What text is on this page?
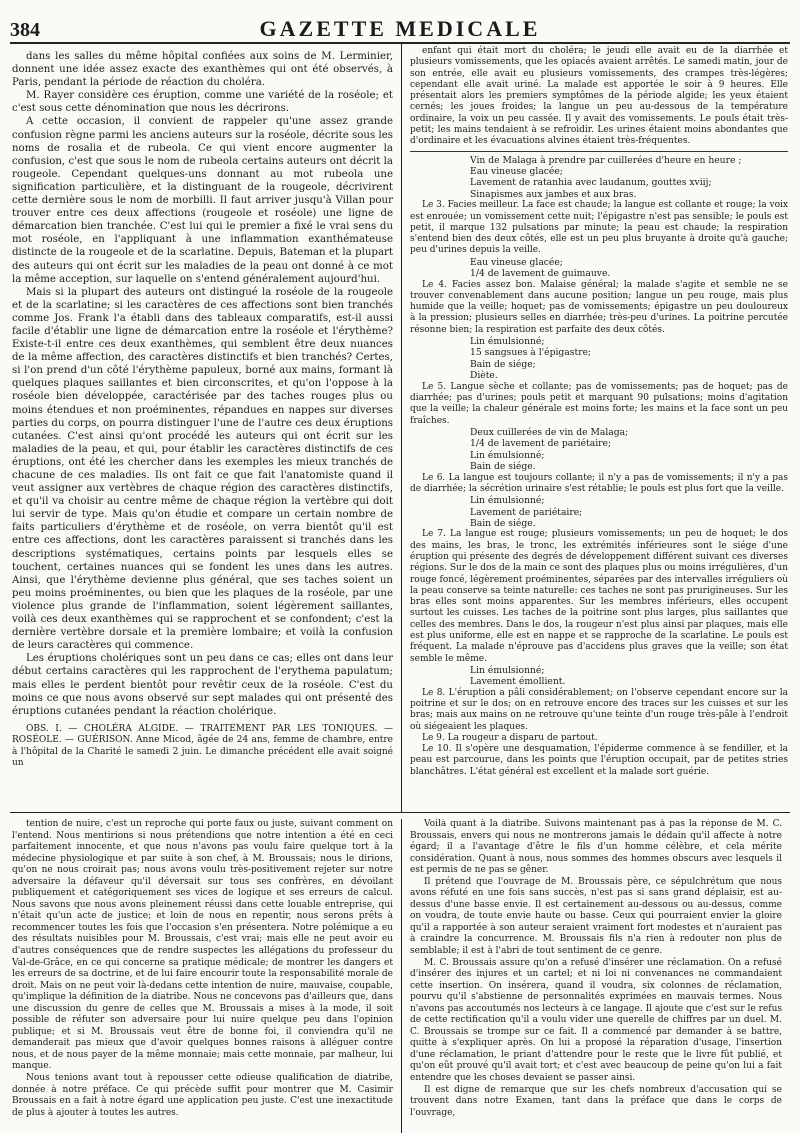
384	GAZETTE MEDICALE

dans les salles du même hôpital confiées aux soins de M. Lerminier, donnent une idée assez exacte des exanthèmes qui ont été observés, à Paris, pendant la période de réaction du choléra.

M. Rayer considère ces éruption, comme une variété de la roséole; et c'est sous cette dénomination que nous les décrirons.

A cette occasion, il convient de rappeler qu'une assez grande confusion règne parmi les anciens auteurs sur la roséole, décrite sous les noms de rosalia et de rubeola. Ce qui vient encore augmenter la confusion, c'est que sous le nom de rubeola certains auteurs ont décrit la rougeole. Cependant quelques-uns donnant au mot rubeola une signification particulière, et la distinguant de la rougeole, décrivirent cette dernière sous le nom de morbilli. Il faut arriver jusqu'à Villan pour trouver entre ces deux affections (rougeole et roséole) une ligne de démarcation bien tranchée. C'est lui qui le premier a fixé le vrai sens du mot roséole, en l'appliquant à une inflammation exanthémateuse distincte de la rougeole et de la scarlatine. Depuis, Bateman et la plupart des auteurs qui ont écrit sur les maladies de la peau ont donné à ce mot la même acception, sur laquelle on s'entend généralement aujourd'hui.

Mais si la plupart des auteurs ont distingué la roséole de la rougeole et de la scarlatine; si les caractères de ces affections sont bien tranchés comme Jos. Frank l'a établi dans des tableaux comparatifs, est-il aussi facile d'établir une ligne de démarcation entre la roséole et l'érythème? Existe-t-il entre ces deux exanthèmes, qui semblent être deux nuances de la même affection, des caractères distinctifs et bien tranchés? Certes, si l'on prend d'un côté l'érythème papuleux, borné aux mains, formant là quelques plaques saillantes et bien circonscrites, et qu'on l'oppose à la roséole bien développée, caractérisée par des taches rouges plus ou moins étendues et non proéminentes, répandues en nappes sur diverses parties du corps, on pourra distinguer l'une de l'autre ces deux éruptions cutanées. C'est ainsi qu'ont procédé les auteurs qui ont écrit sur les maladies de la peau, et qui, pour établir les caractères distinctifs de ces éruptions, ont été les chercher dans les exemples les mieux tranchés de chacune de ces maladies. Ils ont fait ce que fait l'anatomiste quand il veut assigner aux vertèbres de chaque région des caractères distinctifs, et qu'il va choisir au centre même de chaque région la vertèbre qui doit lui servir de type. Mais qu'on étudie et compare un certain nombre de faits particuliers d'érythème et de roséole, on verra bientôt qu'il est entre ces affections, dont les caractères paraissent si tranchés dans les descriptions systématiques, certains points par lesquels elles se touchent, certaines nuances qui se fondent les unes dans les autres. Ainsi, que l'érythème devienne plus général, que ses taches soient un peu moins proéminentes, ou bien que les plaques de la roséole, par une violence plus grande de l'inflammation, soient légèrement saillantes, voilà ces deux exanthèmes qui se rapprochent et se confondent; c'est la dernière vertèbre dorsale et la première lombaire; et voilà la confusion de leurs caractères qui commence.

Les éruptions cholériques sont un peu dans ce cas; elles ont dans leur début certains caractères qui les rapprochent de l'erythema papulatum; mais elles le perdent bientôt pour revêtir ceux de la roséole. C'est du moins ce que nous avons observé sur sept malades qui ont présenté des éruptions cutanées pendant la réaction cholérique.

OBS. I. — CHOLÉRA ALGIDE. — TRAITEMENT PAR LES TONIQUES. — ROSÉOLE. — GUÉRISON. Anne Micod, âgée de 24 ans, femme de chambre, entre à l'hôpital de la Charité le samedi 2 juin. Le dimanche précédent elle avait soigné un

enfant qui était mort du choléra; le jeudi elle avait eu de la diarrhée et plusieurs vomissements, que les opiacés avaient arrêtés. Le samedi matin, jour de son entrée, elle avait eu plusieurs vomissements, des crampes très-légères; cependant elle avait uriné. La malade est apportée le soir à 9 heures. Elle présentait alors les premiers symptômes de la période algide; les yeux étaient cernés; les joues froides; la langue un peu au-dessous de la température ordinaire, la voix un peu cassée. Il y avait des vomissements. Le pouls était très-petit; les mains tendaient à se refroidir. Les urines étaient moins abondantes que d'ordinaire et les évacuations alvines étaient très-fréquentes.

Vin de Malaga à prendre par cuillerées d'heure en heure ;
Eau vineuse glacée;
Lavement de ratanhia avec laudanum, gouttes xviij;
Sinapismes aux jambes et aux bras.

Le 3. Facies meilleur. La face est chaude; la langue est collante et rouge; la voix est enrouée; un vomissement cette nuit; l'épigastre n'est pas sensible; le pouls est petit, il marque 132 pulsations par minute; la peau est chaude; la respiration s'entend bien des deux côtés, elle est un peu plus bruyante à droite qu'à gauche; peu d'urines depuis la veille.

Eau vineuse glacée;
1/4 de lavement de guimauve.

Le 4. Facies assez bon. Malaise général; la malade s'agite et semble ne se trouver convenablement dans aucune position; langue un peu rouge, mais plus humide que la veille; hoquet; pas de vomissements; épigastre un peu douloureux à la pression; plusieurs selles en diarrhée; très-peu d'urines. La poitrine percutée résonne bien; la respiration est parfaite des deux côtés.

Lin émulsionné;
15 sangsues à l'épigastre;
Bain de siége;
Diète.

Le 5. Langue sèche et collante; pas de vomissements; pas de hoquet; pas de diarrhée; pas d'urines; pouls petit et marquant 90 pulsations; moins d'agitation que la veille; la chaleur générale est moins forte; les mains et la face sont un peu fraîches.

Deux cuillerées de vin de Malaga;
1/4 de lavement de pariétaire;
Lin émulsionné;
Bain de siége.

Le 6. La langue est toujours collante; il n'y a pas de vomissements; il n'y a pas de diarrhée; la sécrétion urinaire s'est rétablie; le pouls est plus fort que la veille.

Lin émulsionné;
Lavement de pariétaire;
Bain de siége.

Le 7. La langue est rouge; plusieurs vomissements; un peu de hoquet; le dos des mains, les bras, le tronc, les extrémités inférieures sont le siége d'une éruption qui présente des degrés de développement différent suivant ces diverses régions. Sur le dos de la main ce sont des plaques plus ou moins irrégulières, d'un rouge foncé, légèrement proéminentes, séparées par des intervalles irréguliers où la peau conserve sa teinte naturelle: ces taches ne sont pas prurigineuses. Sur les bras elles sont moins apparentes. Sur les membres inférieurs, elles occupent surtout les cuisses. Les taches de la poitrine sont plus larges, plus saillantes que celles des membres. Dans le dos, la rougeur n'est plus ainsi par plaques, mais elle est plus uniforme, elle est en nappe et se rapproche de la scarlatine. Le pouls est fréquent. La malade n'éprouve pas d'accidens plus graves que la veille; son état semble le même.

Lin émulsionné;
Lavement émollient.

Le 8. L'éruption a pâli considérablement; on l'observe cependant encore sur la poitrine et sur le dos; on en retrouve encore des traces sur les cuisses et sur les bras; mais aux mains on ne retrouve qu'une teinte d'un rouge très-pâle à l'endroit où siégeaient les plaques.

Le 9. La rougeur a disparu de partout.

Le 10. Il s'opère une desquamation, l'épiderme commence à se fendiller, et la peau est parcourue, dans les points que l'éruption occupait, par de petites stries blanchâtres. L'état général est excellent et la malade sort guérie.

tention de nuire, c'est un reproche qui porte faux ou juste, suivant comment on l'entend. Nous mentirions si nous prétendions que notre intention a été en ceci parfaitement innocente, et que nous n'avons pas voulu faire quelque tort à la médecine physiologique et par suite à son chef, à M. Broussais; nous le dirions, qu'on ne nous croirait pas; nous avons voulu très-positivement rejeter sur notre adversaire la défaveur qu'il déversait sur tous ses confrères, en dévoilant publiquement et catégoriquement ses vices de logique et ses erreurs de calcul. Nous savons que nous avons pleinement réussi dans cette louable entreprise, qui n'était qu'un acte de justice; et loin de nous en repentir, nous serons prêts à recommencer toutes les fois que l'occasion s'en présentera. Notre polémique a eu des résultats nuisibles pour M. Broussais, c'est vrai; mais elle ne peut avoir eu d'autres conséquences que de rendre suspectes les allégations du professeur du Val-de-Grâce, en ce qui concerne sa pratique médicale; de montrer les dangers et les erreurs de sa doctrine, et de lui faire encourir toute la responsabilité morale de droit. Mais on ne peut voir là-dedans cette intention de nuire, mauvaise, coupable, qu'implique la définition de la diatribe. Nous ne concevons pas d'ailleurs que, dans une discussion du genre de celles que M. Broussais a mises à la mode, il soit possible de réfuter son adversaire pour lui nuire quelque peu dans l'opinion publique; et si M. Broussais veut être de bonne foi, il conviendra qu'il ne demanderait pas mieux que d'avoir quelques bonnes raisons à alléguer contre nous, et de nous payer de la même monnaie; mais cette monnaie, par malheur, lui manque.

Nous tenions avant tout à repousser cette odieuse qualification de diatribe, donnée à notre préface. Ce qui précède suffit pour montrer que M. Casimir Broussais en a fait à notre égard une application peu juste. C'est une inexactitude de plus à ajouter à toutes les autres.

Voilà quant à la diatribe. Suivons maintenant pas à pas la réponse de M. C. Broussais, envers qui nous ne montrerons jamais le dédain qu'il affecte à notre égard; il a l'avantage d'être le fils d'un homme célèbre, et cela mérite considération. Quant à nous, nous sommes des hommes obscurs avec lesquels il est permis de ne pas se gêner.

Il prétend que l'ouvrage de M. Broussais père, ce sépulchrétum que nous avons réfuté en une fois sans succès, n'est pas si sans grand déplaisir, est au-dessus d'une basse envie. Il est certainement au-dessous ou au-dessus, comme on voudra, de toute envie haute ou basse. Ceux qui pourraient envier la gloire qu'il a rapportée à son auteur seraient vraiment fort modestes et n'auraient pas à craindre la concurrence. M. Broussais fils n'a rien à redouter non plus de semblable; il est à l'abri de tout sentiment de ce genre.

M. C. Broussais assure qu'on a refusé d'insérer une réclamation. On a refusé d'insérer des injures et un cartel; et ni loi ni convenances ne commandaient cette insertion. On insérera, quand il voudra, six colonnes de réclamation, pourvu qu'il s'abstienne de personnalités exprimées en mauvais termes. Nous n'avons pas accoutumés nos lecteurs à ce langage. Il ajoute que c'est sur le refus de cette rectification qu'il a voulu vider une querelle de chiffres par un duel. M. C. Broussais se trompe sur ce fait. Il a commencé par demander à se battre, quitte à s'expliquer après. On lui a proposé la réparation d'usage, l'insertion d'une réclamation, le priant d'attendre pour le reste que le livre fût publié, et qu'on eût prouvé qu'il avait tort; et c'est avec beaucoup de peine qu'on lui a fait entendre que les choses devaient se passer ainsi.

Il est digne de remarque que sur les chefs nombreux d'accusation qui se trouvent dans notre Examen, tant dans la préface que dans le corps de l'ouvrage,
